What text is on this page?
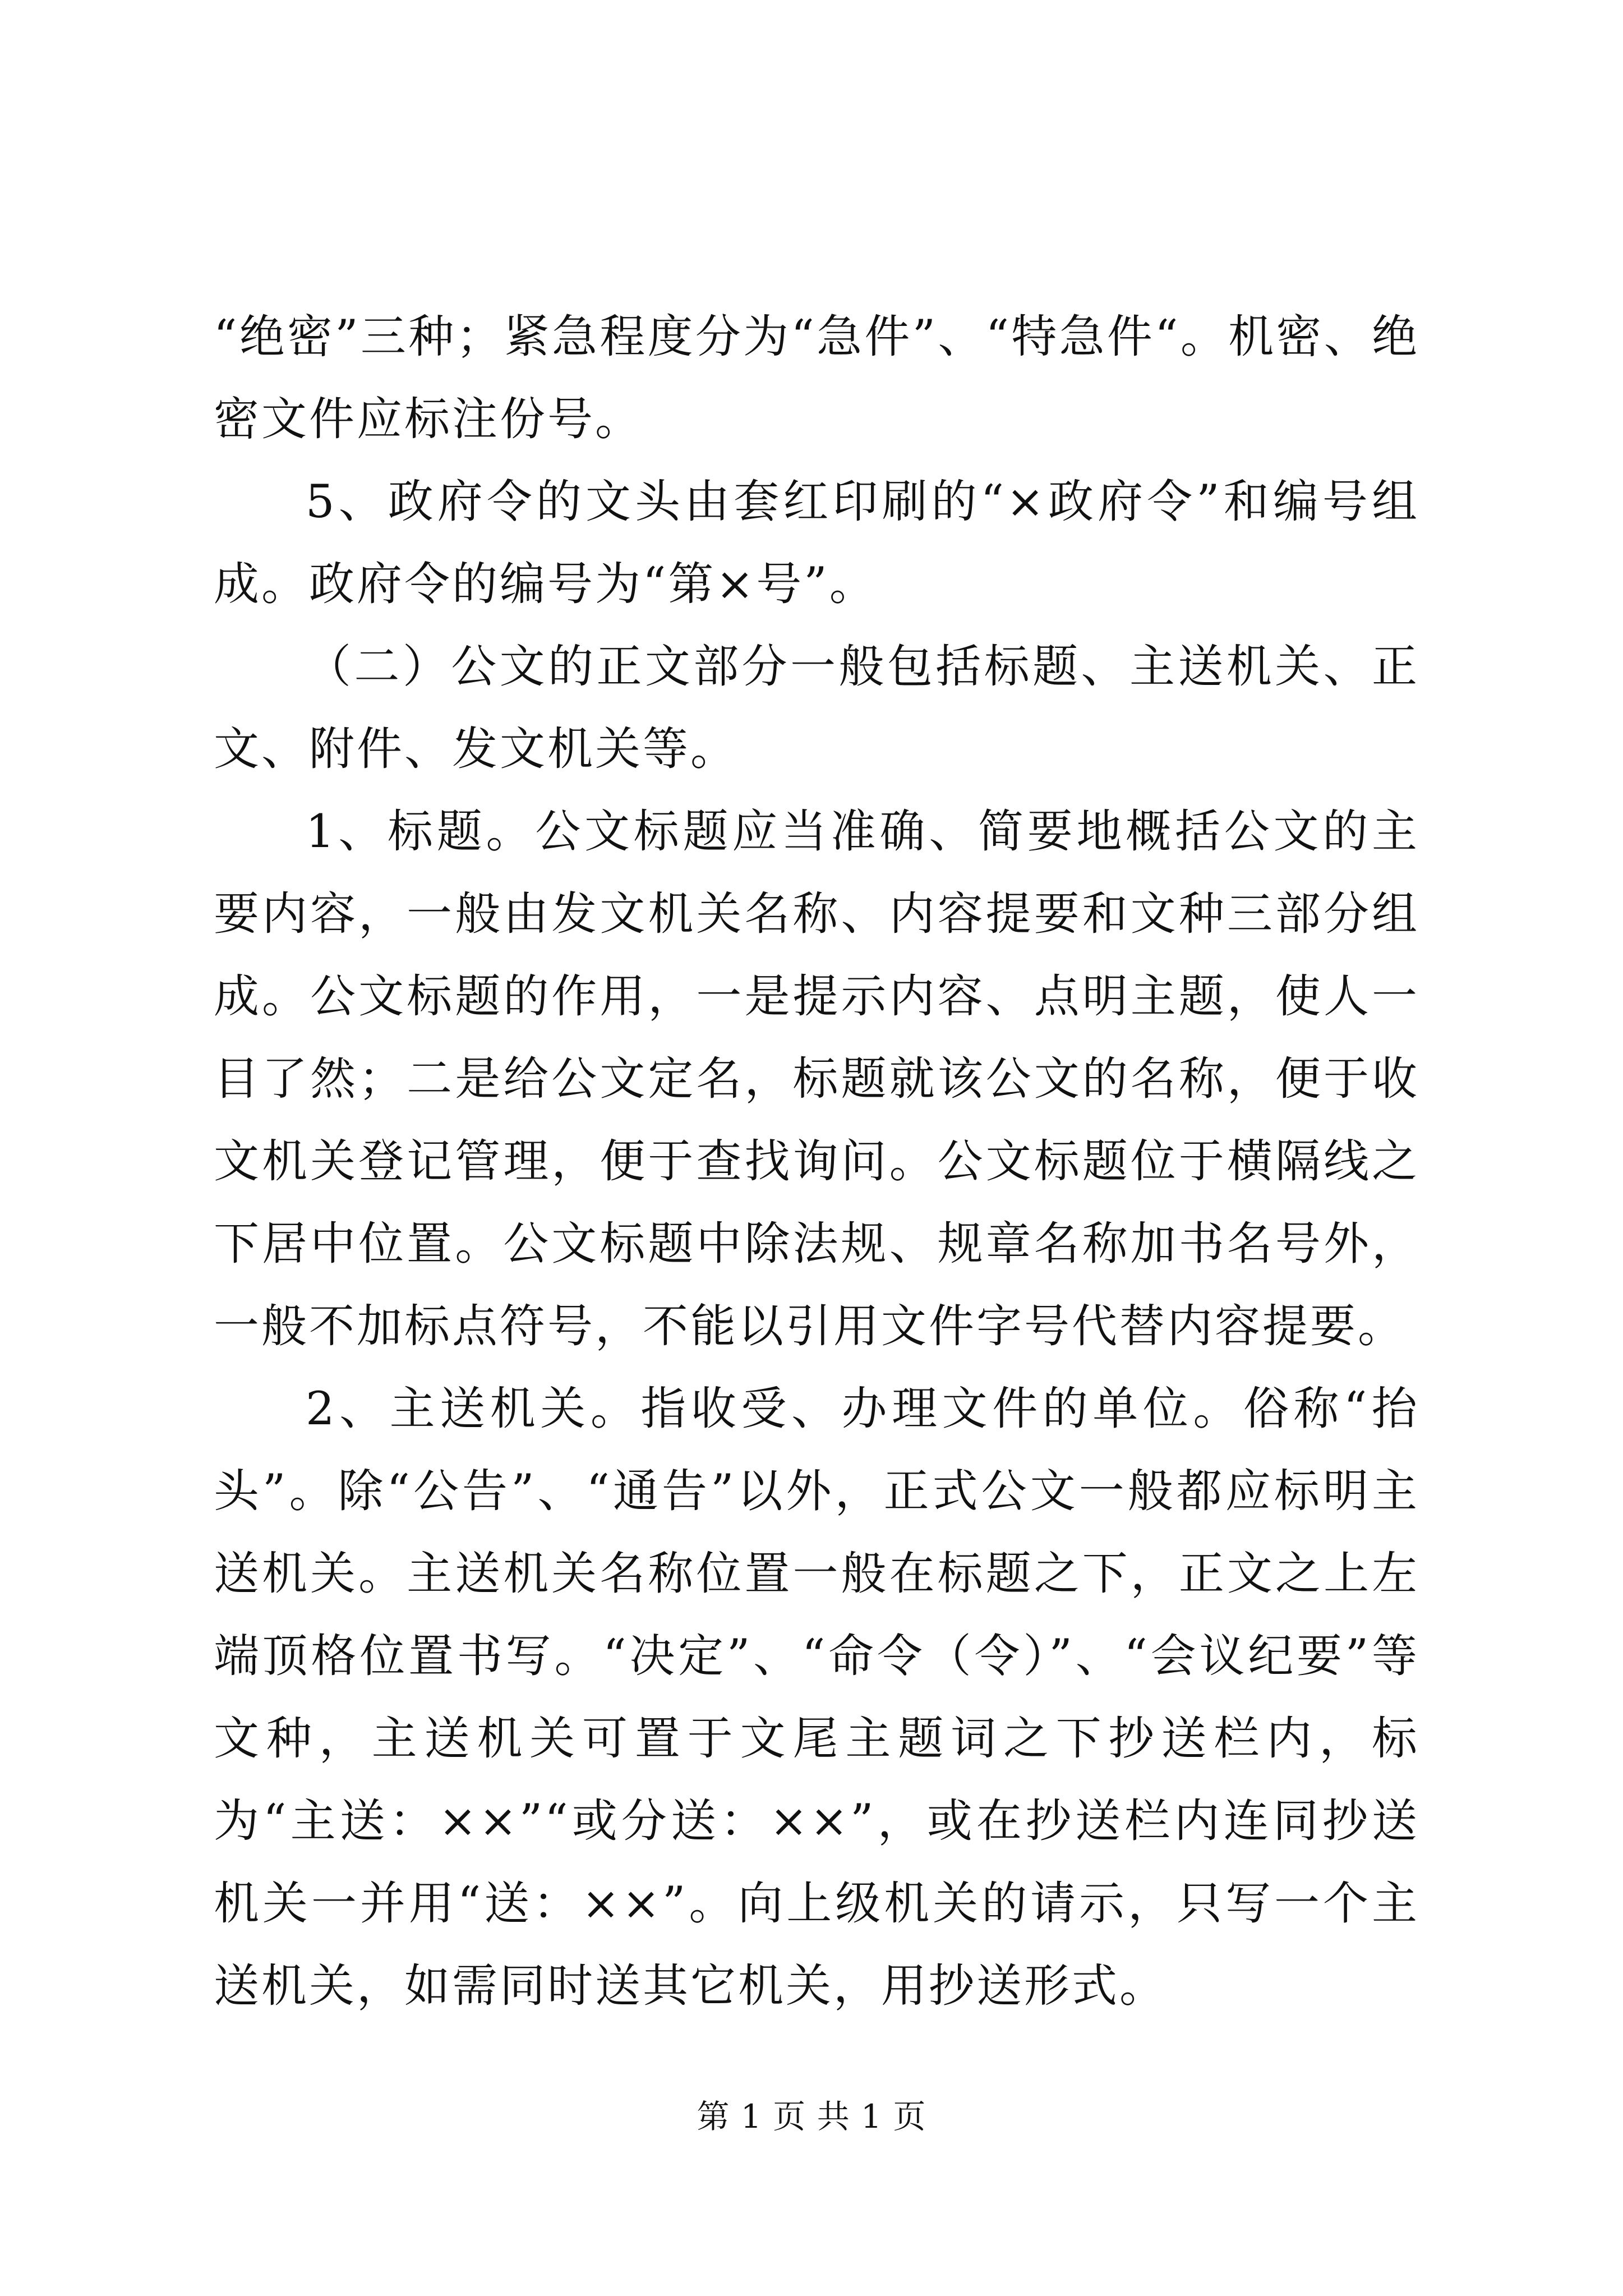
“绝密”三种；紧急程度分为“急件”、“特急件“。机密、绝密文件应标注份号。

5、政府令的文头由套红印刷的“×政府令”和编号组成。政府令的编号为“第×号”。

（二）公文的正文部分一般包括标题、主送机关、正文、附件、发文机关等。

1、标题。公文标题应当准确、简要地概括公文的主要内容，一般由发文机关名称、内容提要和文种三部分组成。公文标题的作用，一是提示内容、点明主题，使人一目了然；二是给公文定名，标题就该公文的名称，便于收文机关登记管理，便于查找询问。公文标题位于横隔线之下居中位置。公文标题中除法规、规章名称加书名号外，一般不加标点符号，不能以引用文件字号代替内容提要。

2、主送机关。指收受、办理文件的单位。俗称“抬头”。除“公告”、“通告”以外，正式公文一般都应标明主送机关。主送机关名称位置一般在标题之下，正文之上左端顶格位置书写。“决定”、“命令（令）”、“会议纪要”等文种，主送机关可置于文尾主题词之下抄送栏内，标为“主送：××”“或分送：××”，或在抄送栏内连同抄送机关一并用“送：××”。向上级机关的请示，只写一个主送机关，如需同时送其它机关，用抄送形式。

第 1 页 共 1 页
